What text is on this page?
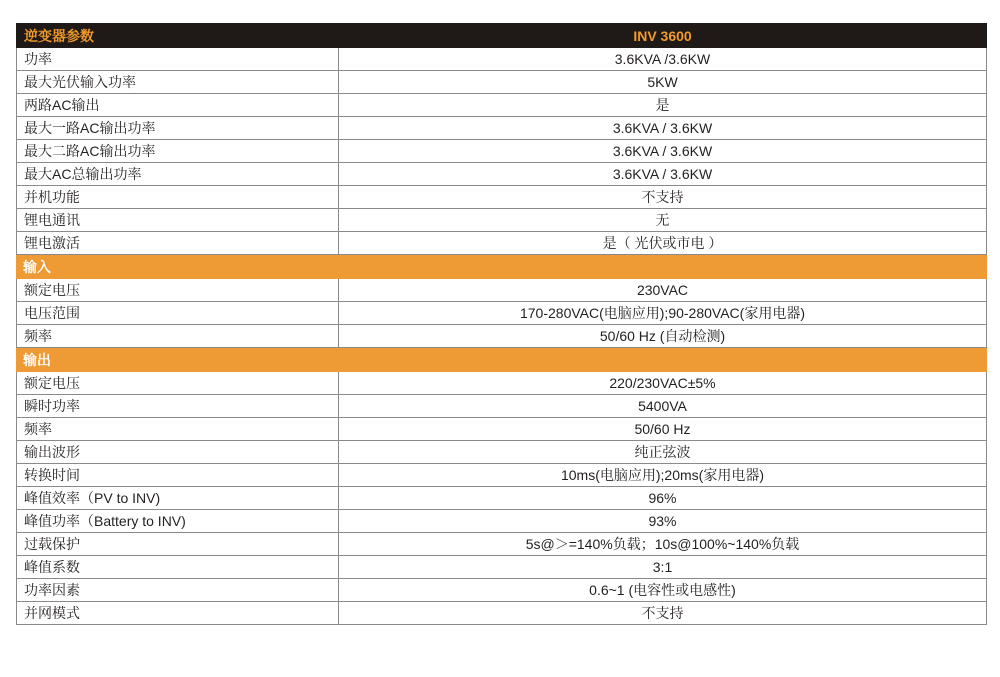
逆变器参数	INV 3600
功率	3.6KVA /3.6KW
最大光伏输入功率	5KW
两路AC输出	是
最大一路AC输出功率	3.6KVA / 3.6KW
最大二路AC输出功率	3.6KVA / 3.6KW
最大AC总输出功率	3.6KVA / 3.6KW
并机功能	不支持
锂电通讯	无
锂电激活	是（ 光伏或市电 ）
输入	
额定电压	230VAC
电压范围	170-280VAC(电脑应用);90-280VAC(家用电器)
频率	50/60 Hz (自动检测)
输出	
额定电压	220/230VAC±5%
瞬时功率	5400VA
频率	50/60 Hz
输出波形	纯正弦波
转换时间	10ms(电脑应用);20ms(家用电器)
峰值效率（PV to INV)	96%
峰值功率（Battery to INV)	93%
过载保护	5s@＞=140%负载；10s@100%~140%负载
峰值系数	3:1
功率因素	0.6~1 (电容性或电感性)
并网模式	不支持
